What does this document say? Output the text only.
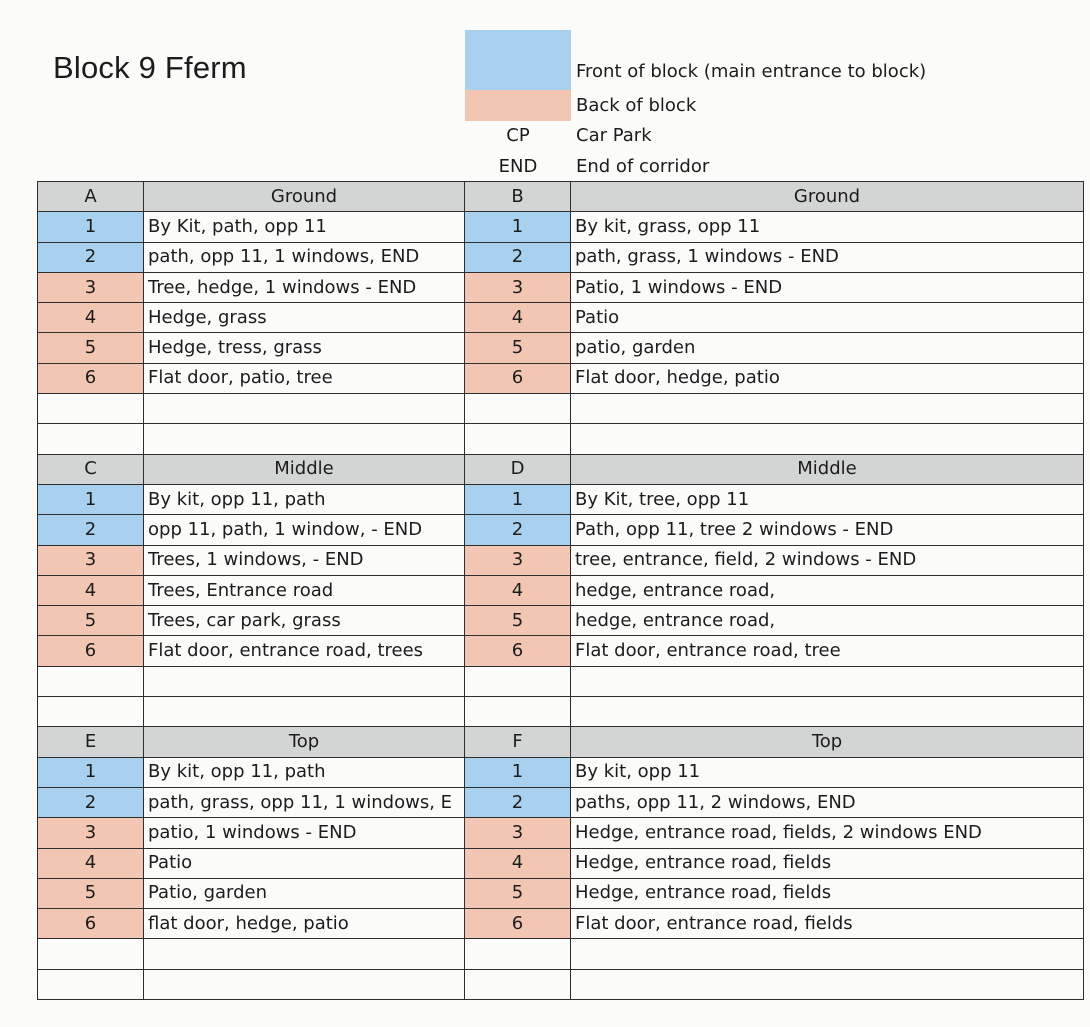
Block 9 Fferm	Front of block (main entrance to block)
Back of block
CP	Car Park
END	End of corridor
A	Ground	B	Ground
1	By Kit, path, opp 11	1	By kit, grass, opp 11
2	path, opp 11, 1 windows, END	2	path, grass, 1 windows - END
3	Tree, hedge, 1 windows - END	3	Patio, 1 windows - END
4	Hedge, grass	4	Patio
5	Hedge, tress, grass	5	patio, garden
6	Flat door, patio, tree	6	Flat door, hedge, patio

C	Middle	D	Middle
1	By kit, opp 11, path	1	By Kit, tree, opp 11
2	opp 11, path, 1 window, - END	2	Path, opp 11, tree 2 windows - END
3	Trees, 1 windows, - END	3	tree, entrance, field, 2 windows - END
4	Trees, Entrance road	4	hedge, entrance road,
5	Trees, car park, grass	5	hedge, entrance road,
6	Flat door, entrance road, trees	6	Flat door, entrance road, tree

E	Top	F	Top
1	By kit, opp 11, path	1	By kit, opp 11
2	path, grass, opp 11, 1 windows, E	2	paths, opp 11, 2 windows, END
3	patio, 1 windows - END	3	Hedge, entrance road, fields, 2 windows END
4	Patio	4	Hedge, entrance road, fields
5	Patio, garden	5	Hedge, entrance road, fields
6	flat door, hedge, patio	6	Flat door, entrance road, fields
